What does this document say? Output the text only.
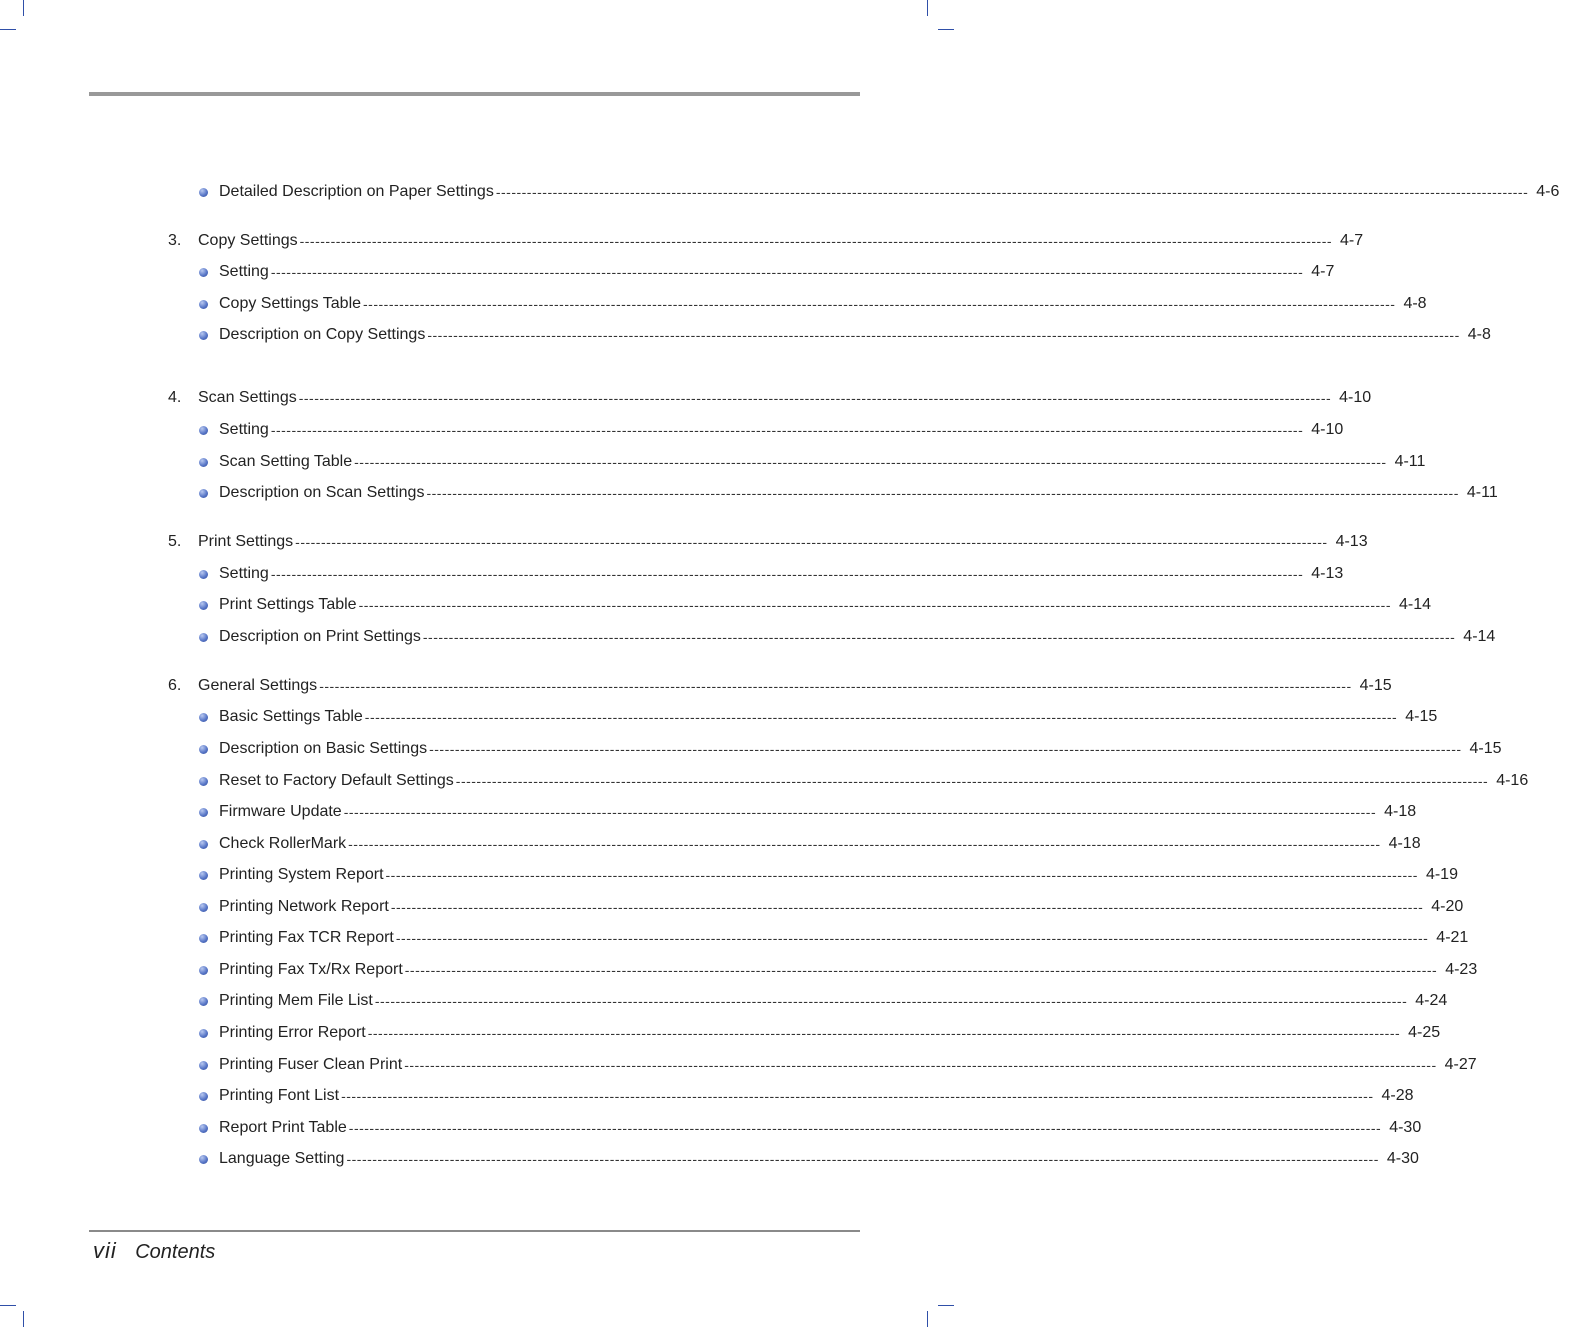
Detailed Description on Paper Settings -------------------------------------------------------------------------------------------------------------------------------------------------------------------------------------------------------- 4-6
3.	Copy Settings -------------------------------------------------------------------------------------------------------------------------------------------------------------------------------------------------------- 4-7
Setting -------------------------------------------------------------------------------------------------------------------------------------------------------------------------------------------------------- 4-7
Copy Settings Table -------------------------------------------------------------------------------------------------------------------------------------------------------------------------------------------------------- 4-8
Description on Copy Settings -------------------------------------------------------------------------------------------------------------------------------------------------------------------------------------------------------- 4-8
4.	Scan Settings -------------------------------------------------------------------------------------------------------------------------------------------------------------------------------------------------------- 4-10
Setting -------------------------------------------------------------------------------------------------------------------------------------------------------------------------------------------------------- 4-10
Scan Setting Table -------------------------------------------------------------------------------------------------------------------------------------------------------------------------------------------------------- 4-11
Description on Scan Settings -------------------------------------------------------------------------------------------------------------------------------------------------------------------------------------------------------- 4-11
5.	Print Settings -------------------------------------------------------------------------------------------------------------------------------------------------------------------------------------------------------- 4-13
Setting -------------------------------------------------------------------------------------------------------------------------------------------------------------------------------------------------------- 4-13
Print Settings Table -------------------------------------------------------------------------------------------------------------------------------------------------------------------------------------------------------- 4-14
Description on Print Settings -------------------------------------------------------------------------------------------------------------------------------------------------------------------------------------------------------- 4-14
6.	General Settings -------------------------------------------------------------------------------------------------------------------------------------------------------------------------------------------------------- 4-15
Basic Settings Table -------------------------------------------------------------------------------------------------------------------------------------------------------------------------------------------------------- 4-15
Description on Basic Settings -------------------------------------------------------------------------------------------------------------------------------------------------------------------------------------------------------- 4-15
Reset to Factory Default Settings -------------------------------------------------------------------------------------------------------------------------------------------------------------------------------------------------------- 4-16
Firmware Update -------------------------------------------------------------------------------------------------------------------------------------------------------------------------------------------------------- 4-18
Check RollerMark -------------------------------------------------------------------------------------------------------------------------------------------------------------------------------------------------------- 4-18
Printing System Report -------------------------------------------------------------------------------------------------------------------------------------------------------------------------------------------------------- 4-19
Printing Network Report -------------------------------------------------------------------------------------------------------------------------------------------------------------------------------------------------------- 4-20
Printing Fax TCR Report -------------------------------------------------------------------------------------------------------------------------------------------------------------------------------------------------------- 4-21
Printing Fax Tx/Rx Report -------------------------------------------------------------------------------------------------------------------------------------------------------------------------------------------------------- 4-23
Printing Mem File List -------------------------------------------------------------------------------------------------------------------------------------------------------------------------------------------------------- 4-24
Printing Error Report -------------------------------------------------------------------------------------------------------------------------------------------------------------------------------------------------------- 4-25
Printing Fuser Clean Print -------------------------------------------------------------------------------------------------------------------------------------------------------------------------------------------------------- 4-27
Printing Font List -------------------------------------------------------------------------------------------------------------------------------------------------------------------------------------------------------- 4-28
Report Print Table -------------------------------------------------------------------------------------------------------------------------------------------------------------------------------------------------------- 4-30
Language Setting -------------------------------------------------------------------------------------------------------------------------------------------------------------------------------------------------------- 4-30
vii Contents
